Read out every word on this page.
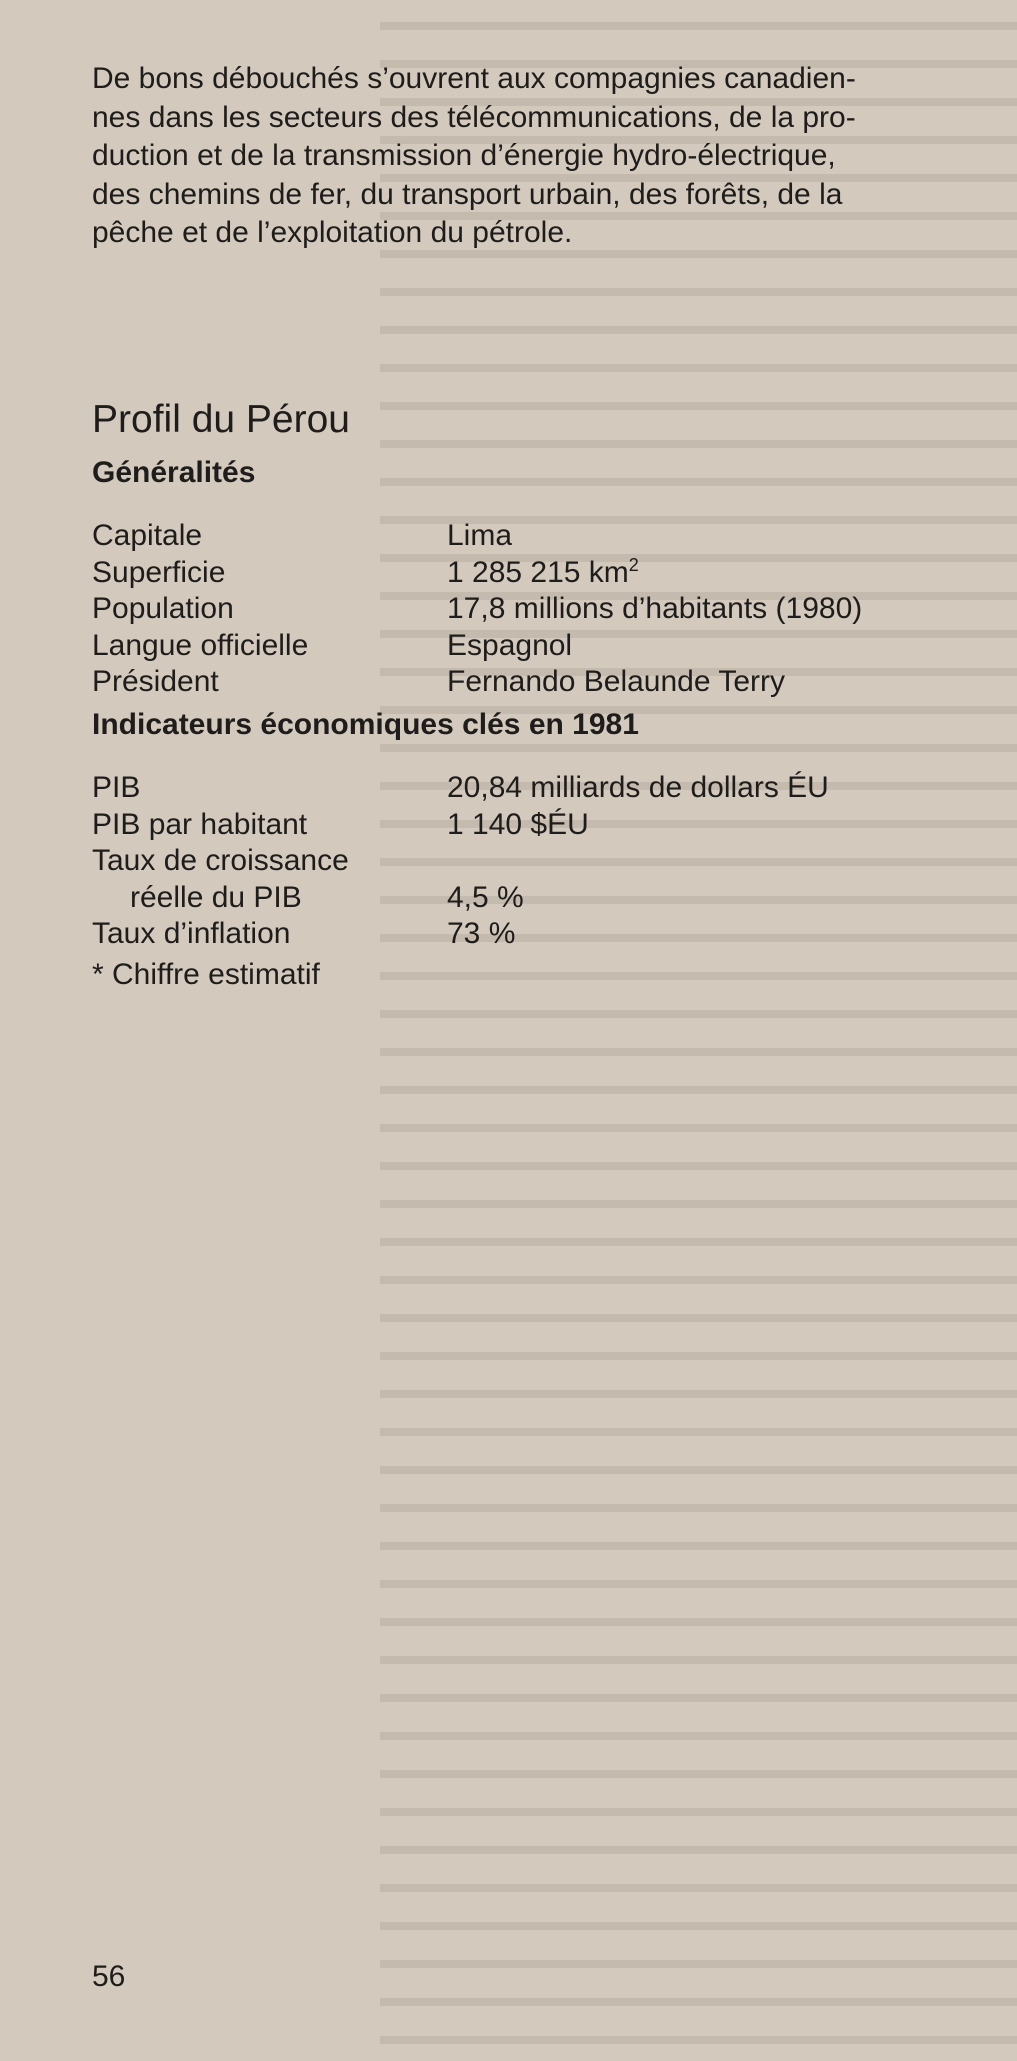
De bons débouchés s’ouvrent aux compagnies canadien-
nes dans les secteurs des télécommunications, de la pro-
duction et de la transmission d’énergie hydro-électrique,
des chemins de fer, du transport urbain, des forêts, de la
pêche et de l’exploitation du pétrole.

Profil du Pérou
Généralités
Capitale	Lima
Superficie	1 285 215 $km^2$
Population	17,8 millions d’habitants (1980)
Langue officielle	Espagnol
Président	Fernando Belaunde Terry
Indicateurs économiques clés en 1981
PIB	20,84 milliards de dollars ÉU
PIB par habitant	1 140 $ÉU
Taux de croissance
réelle du PIB	4,5 %
Taux d’inflation	73 %
* Chiffre estimatif
56
